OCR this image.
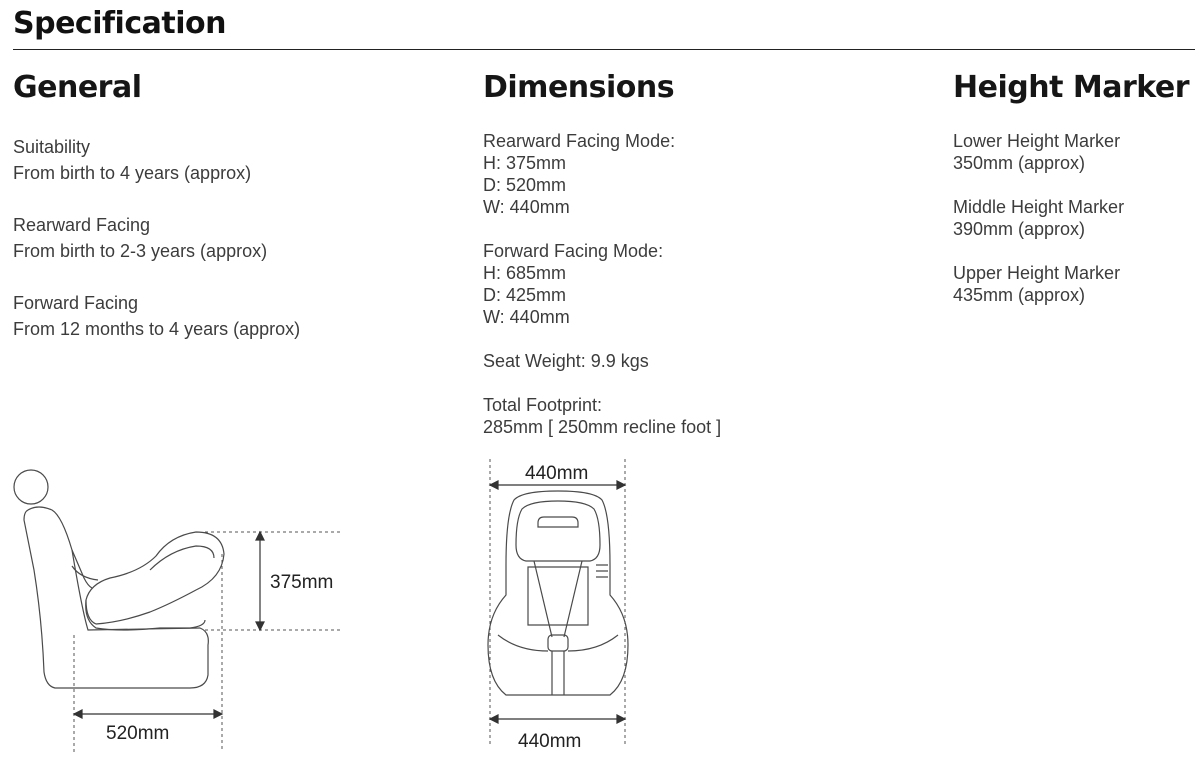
Specification
General
Suitability
From birth to 4 years (approx)
Rearward Facing
From birth to 2-3 years (approx)
Forward Facing
From 12 months to 4 years (approx)
Dimensions
Rearward Facing Mode:
H: 375mm
D: 520mm
W: 440mm
Forward Facing Mode:
H: 685mm
D: 425mm
W: 440mm
Seat Weight: 9.9 kgs
Total Footprint:
285mm [ 250mm recline foot ]
Height Marker
Lower Height Marker
350mm (approx)
Middle Height Marker
390mm (approx)
Upper Height Marker
435mm (approx)
375mm
520mm
440mm
440mm
